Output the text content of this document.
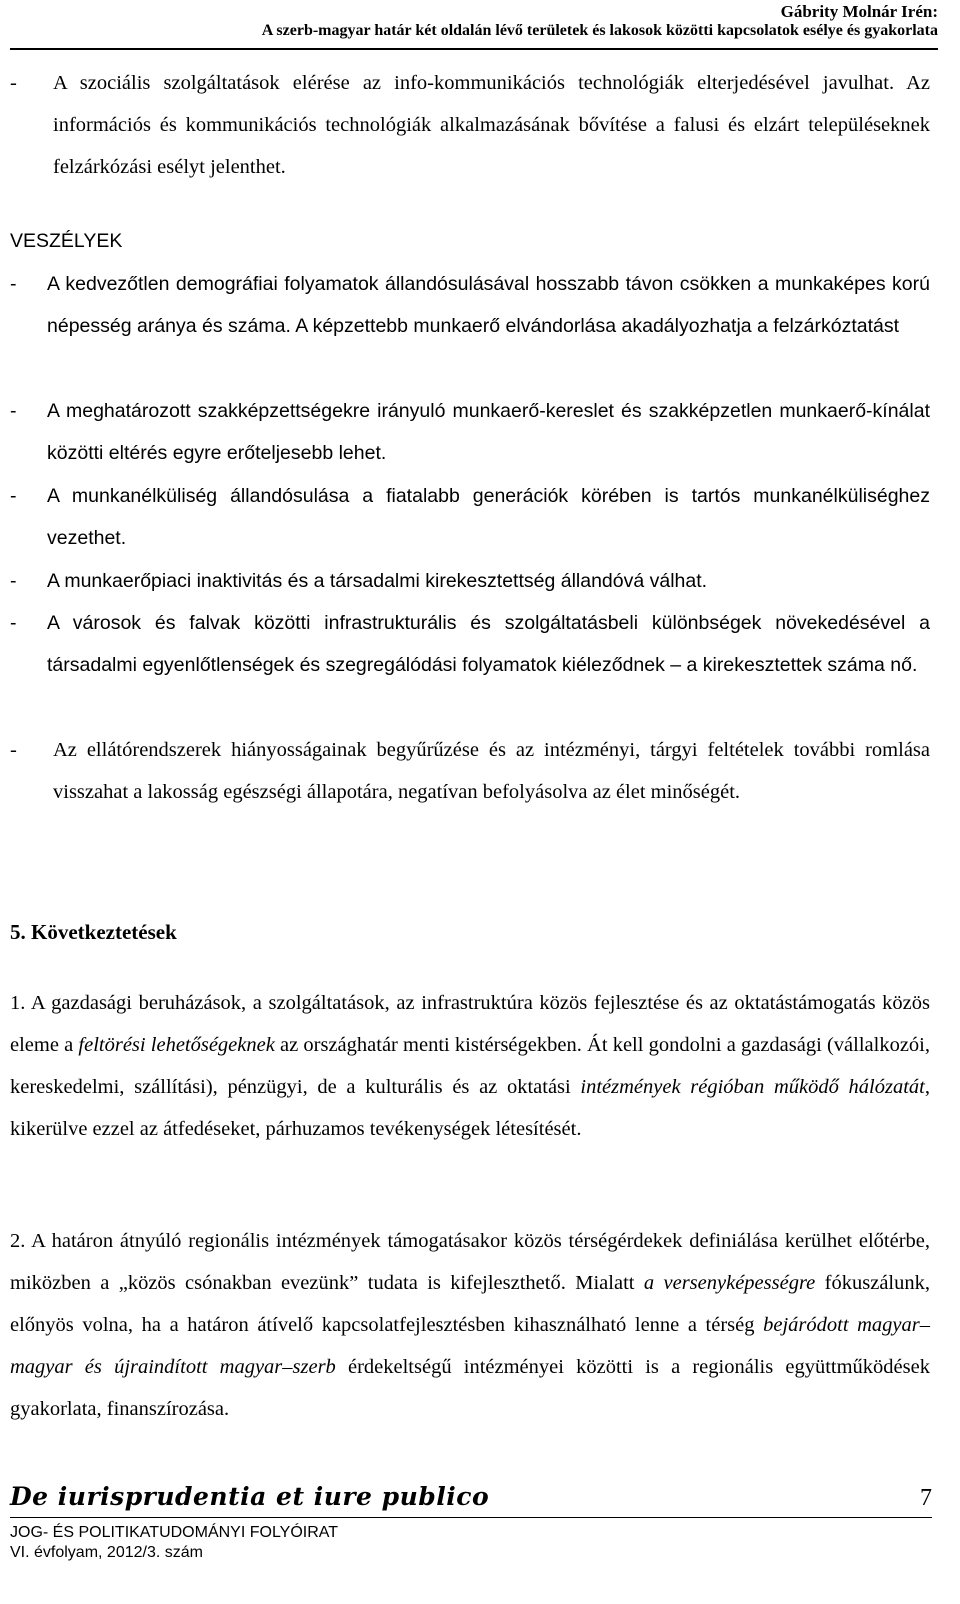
Gábrity Molnár Irén:
A szerb-magyar határ két oldalán lévő területek és lakosok közötti kapcsolatok esélye és gyakorlata
- A szociális szolgáltatások elérése az info-kommunikációs technológiák elterjedésével javulhat. Az információs és kommunikációs technológiák alkalmazásának bővítése a falusi és elzárt településeknek felzárkózási esélyt jelenthet.
VESZÉLYEK
- A kedvezőtlen demográfiai folyamatok állandósulásával hosszabb távon csökken a munkaképes korú népesség aránya és száma. A képzettebb munkaerő elvándorlása akadályozhatja a felzárkóztatást
- A meghatározott szakképzettségekre irányuló munkaerő-kereslet és szakképzetlen munkaerő-kínálat közötti eltérés egyre erőteljesebb lehet.
- A munkanélküliség állandósulása a fiatalabb generációk körében is tartós munkanélküliséghez vezethet.
- A munkaerőpiaci inaktivitás és a társadalmi kirekesztettség állandóvá válhat.
- A városok és falvak közötti infrastrukturális és szolgáltatásbeli különbségek növekedésével a társadalmi egyenlőtlenségek és szegregálódási folyamatok kiéleződnek – a kirekesztettek száma nő.
- Az ellátórendszerek hiányosságainak begyűrűzése és az intézményi, tárgyi feltételek további romlása visszahat a lakosság egészségi állapotára, negatívan befolyásolva az élet minőségét.
5. Következtetések
1. A gazdasági beruházások, a szolgáltatások, az infrastruktúra közös fejlesztése és az oktatástámogatás közös eleme a feltörési lehetőségeknek az országhatár menti kistérségekben. Át kell gondolni a gazdasági (vállalkozói, kereskedelmi, szállítási), pénzügyi, de a kulturális és az oktatási intézmények régióban működő hálózatát, kikerülve ezzel az átfedéseket, párhuzamos tevékenységek létesítését.
2. A határon átnyúló regionális intézmények támogatásakor közös térségérdekek definiálása kerülhet előtérbe, miközben a „közös csónakban evezünk” tudata is kifejleszthető. Mialatt a versenyképességre fókuszálunk, előnyös volna, ha a határon átívelő kapcsolatfejlesztésben kihasználható lenne a térség bejáródott magyar–magyar és újraindított magyar–szerb érdekeltségű intézményei közötti is a regionális együttműködések gyakorlata, finanszírozása.
De iurisprudentia et iure publico	7
JOG- ÉS POLITIKATUDOMÁNYI FOLYÓIRAT
VI. évfolyam, 2012/3. szám
